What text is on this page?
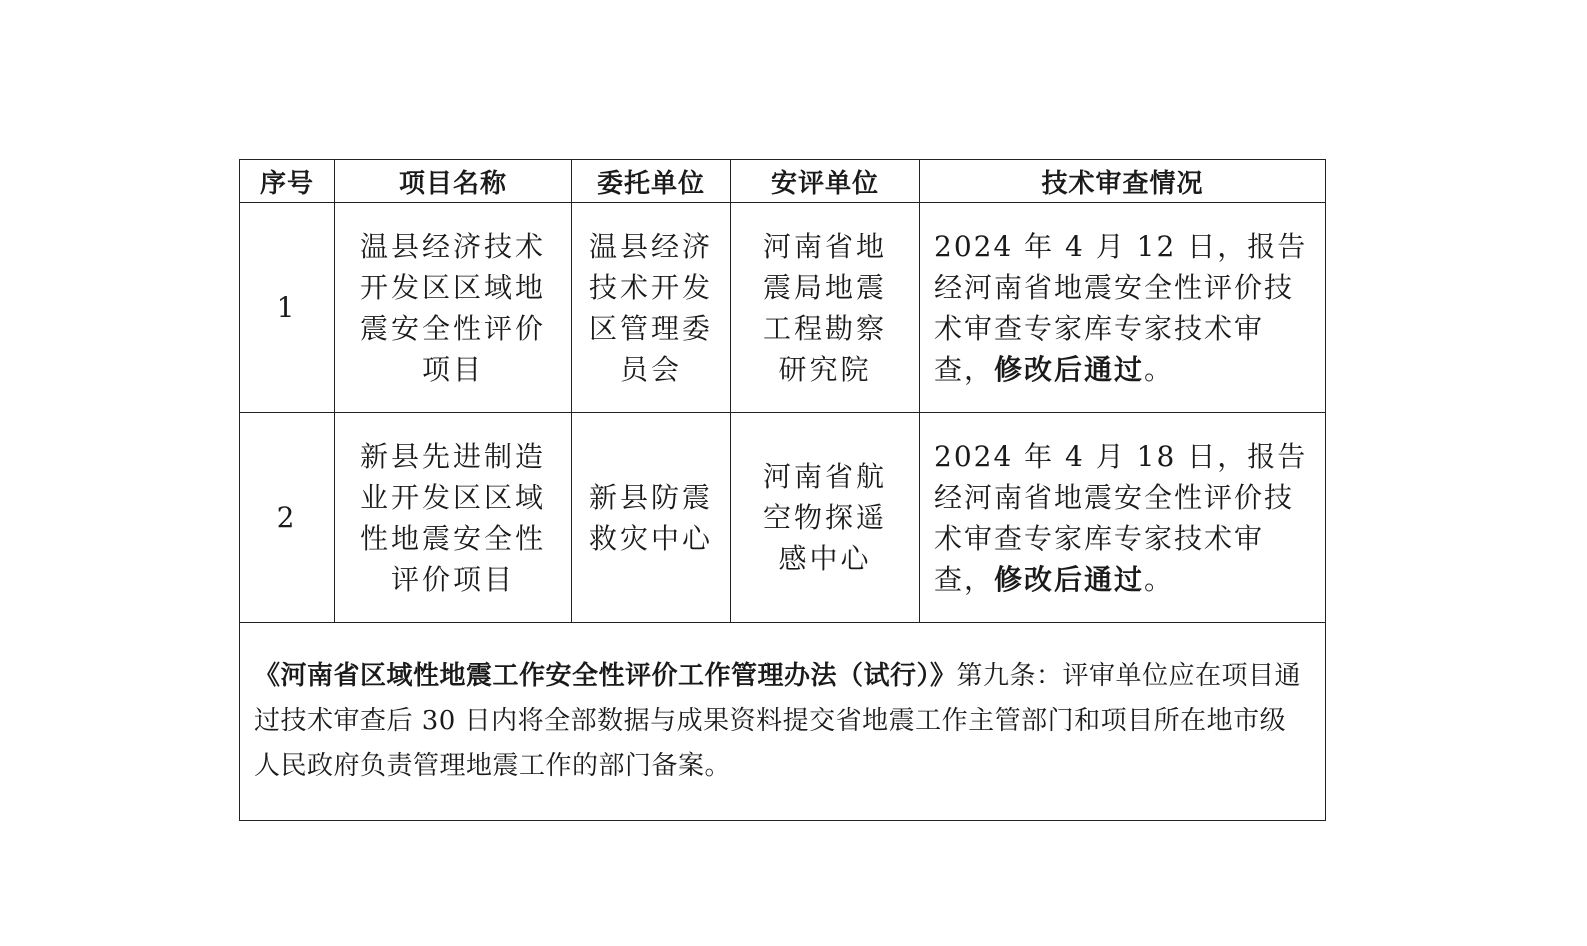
序号	项目名称	委托单位	安评单位	技术审查情况
1	温县经济技术开发区区域地震安全性评价项目	温县经济技术开发区管理委员会	河南省地震局地震工程勘察研究院	2024 年 4 月 12 日，报告经河南省地震安全性评价技术审查专家库专家技术审查，修改后通过。

2	新县先进制造业开发区区域性地震安全性评价项目	新县防震救灾中心	河南省航空物探遥感中心	2024 年 4 月 18 日，报告经河南省地震安全性评价技术审查专家库专家技术审查，修改后通过。

《河南省区域性地震工作安全性评价工作管理办法（试行）》第九条：评审单位应在项目通过技术审查后 30 日内将全部数据与成果资料提交省地震工作主管部门和项目所在地市级人民政府负责管理地震工作的部门备案。				
